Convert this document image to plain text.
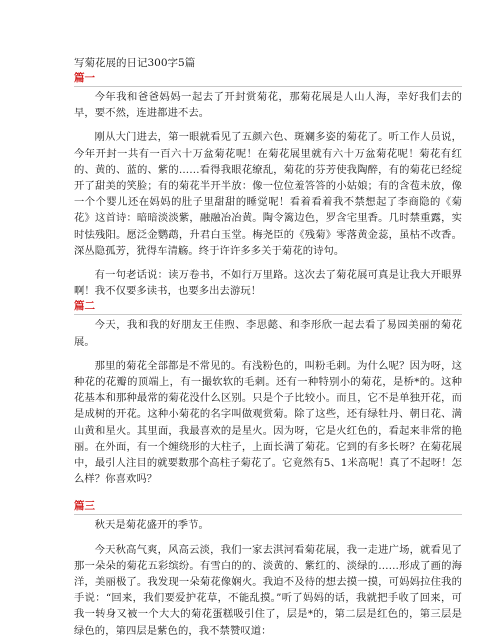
写菊花展的日记300字5篇
篇一

今年我和爸爸妈妈一起去了开封赏菊花，那菊花展是人山人海，幸好我们去的早，要不然，连进都进不去。

刚从大门进去，第一眼就看见了五颜六色、斑斓多姿的菊花了。听工作人员说，今年开封一共有一百六十万盆菊花呢！在菊花展里就有六十万盆菊花呢！菊花有红的、黄的、蓝的、紫的……看得我眼花缭乱，菊花的芬芳使我陶醉，有的菊花已经绽开了甜美的笑脸；有的菊花半开半放：像一位位羞答答的小姑娘；有的含苞未放，像一个个婴儿还在妈妈的肚子里甜甜的睡觉呢！看着看着我不禁想起了李商隐的《菊花》这首诗：暗暗淡淡紫，融融冶冶黄。陶令篱边色，罗含宅里香。几时禁重露，实时怯残阳。愿泛金鹦鹉，升君白玉堂。梅尧臣的《残菊》零落黄金蕊，虽枯不改香。深丛隐孤芳，犹得车清觞。终于许许多多关于菊花的诗句。

有一句老话说：读万卷书，不如行万里路。这次去了菊花展可真是让我大开眼界啊！我不仅要多读书，也要多出去游玩！

篇二

今天，我和我的好朋友王佳煦、李思懿、和李形欣一起去看了易园美丽的菊花展。

那里的菊花全部都是不常见的。有浅粉色的，叫粉毛刺。为什么呢？因为呀，这种花的花瓣的顶端上，有一撮软软的毛刺。还有一种特别小的菊花，是桥*的。这种花基本和那种最常的菊花没什么区别。只是个子比较小。而且，它不是单独开花，而是成树的开花。这种小菊花的名字叫做观赏菊。除了这些，还有绿牡丹、朝日花、满山黄和星火。其里面，我最喜欢的是星火。因为呀，它是火红色的，看起来非常的艳丽。在外面，有一个缠绕形的大柱子，上面长满了菊花。它到的有多长呀？在菊花展中，最引人注目的就要数那个高柱子菊花了。它竟然有5、1米高呢！真了不起呀！怎么样？你喜欢吗？

篇三

秋天是菊花盛开的季节。

今天秋高气爽，风高云淡，我们一家去淇河看菊花展，我一走进广场，就看见了那一朵朵的菊花五彩缤纷。有雪白的的、淡黄的、紫红的、淡绿的……形成了画的海洋，美丽极了。我发现一朵菊花像娴火。我迫不及待的想去摸一摸，可妈妈拉住我的手说：“回来，我们要爱护花草，不能乱摸。”听了妈妈的话，我就把手收了回来，可我一转身又被一个大大的菊花蛋糕吸引住了，层是*的，第二层是红色的，第三层是绿色的，第四层是紫色的，我不禁赞叹道：
